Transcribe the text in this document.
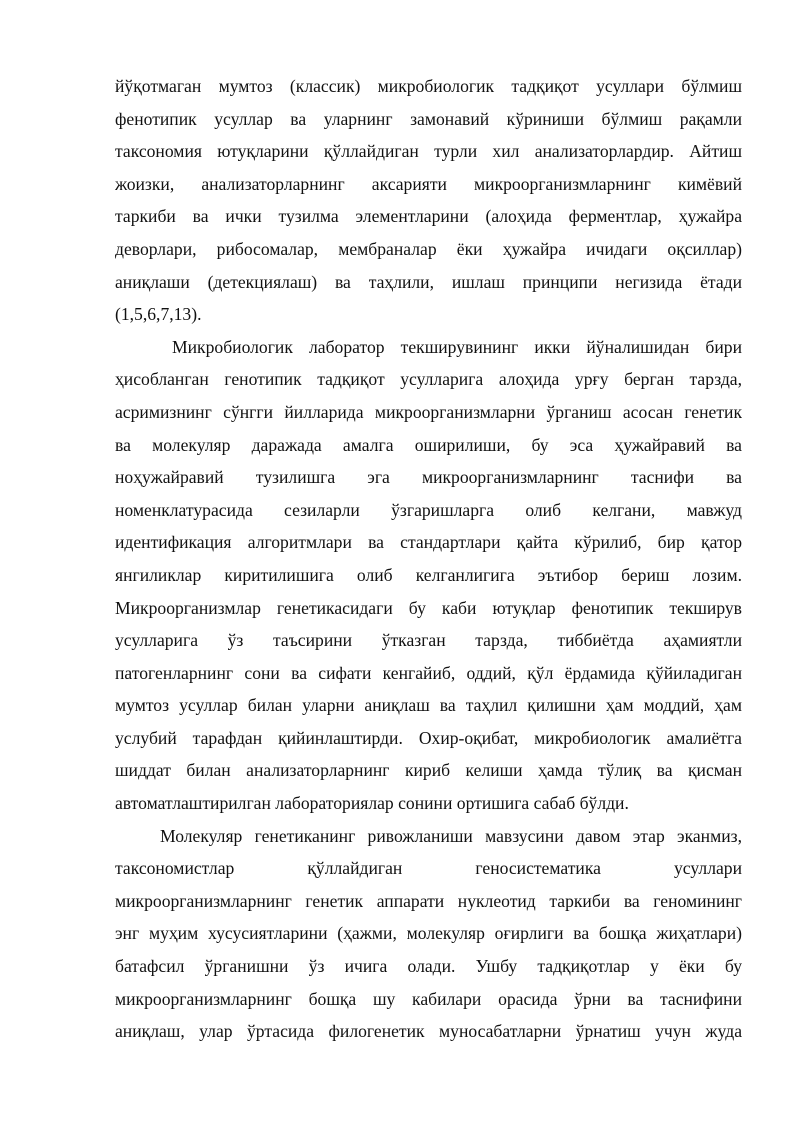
йўқотмаган мумтоз (классик) микробиологик тадқиқот усуллари бўлмиш
фенотипик усуллар ва уларнинг замонавий кўриниши бўлмиш рақамли
таксономия ютуқларини қўллайдиган турли хил анализаторлардир. Айтиш
жоизки, анализаторларнинг аксарияти микроорганизмларнинг кимёвий
таркиби ва ички тузилма элементларини (алоҳида ферментлар, ҳужайра
деворлари, рибосомалар, мембраналар ёки ҳужайра ичидаги оқсиллар)
аниқлаши (детекциялаш) ва таҳлили, ишлаш принципи негизида ётади
(1,5,6,7,13).
Микробиологик лаборатор текширувининг икки йўналишидан бири
ҳисобланган генотипик тадқиқот усулларига алоҳида урғу берган тарзда,
асримизнинг сўнгги йилларида микроорганизмларни ўрганиш асосан генетик
ва молекуляр даражада амалга оширилиши, бу эса ҳужайравий ва
ноҳужайравий тузилишга эга микроорганизмларнинг таснифи ва
номенклатурасида сезиларли ўзгаришларга олиб келгани, мавжуд
идентификация алгоритмлари ва стандартлари қайта кўрилиб, бир қатор
янгиликлар киритилишига олиб келганлигига эътибор бериш лозим.
Микроорганизмлар генетикасидаги бу каби ютуқлар фенотипик текширув
усулларига ўз таъсирини ўтказган тарзда, тиббиётда аҳамиятли
патогенларнинг сони ва сифати кенгайиб, оддий, қўл ёрдамида қўйиладиган
мумтоз усуллар билан уларни аниқлаш ва таҳлил қилишни ҳам моддий, ҳам
услубий тарафдан қийинлаштирди. Охир-оқибат, микробиологик амалиётга
шиддат билан анализаторларнинг кириб келиши ҳамда тўлиқ ва қисман
автоматлаштирилган лабораториялар сонини ортишига сабаб бўлди.
Молекуляр генетиканинг ривожланиши мавзусини давом этар эканмиз,
таксономистлар қўллайдиган геносистематика усуллари
микроорганизмларнинг генетик аппарати нуклеотид таркиби ва геномининг
энг муҳим хусусиятларини (ҳажми, молекуляр оғирлиги ва бошқа жиҳатлари)
батафсил ўрганишни ўз ичига олади. Ушбу тадқиқотлар у ёки бу
микроорганизмларнинг бошқа шу кабилари орасида ўрни ва таснифини
аниқлаш, улар ўртасида филогенетик муносабатларни ўрнатиш учун жуда
